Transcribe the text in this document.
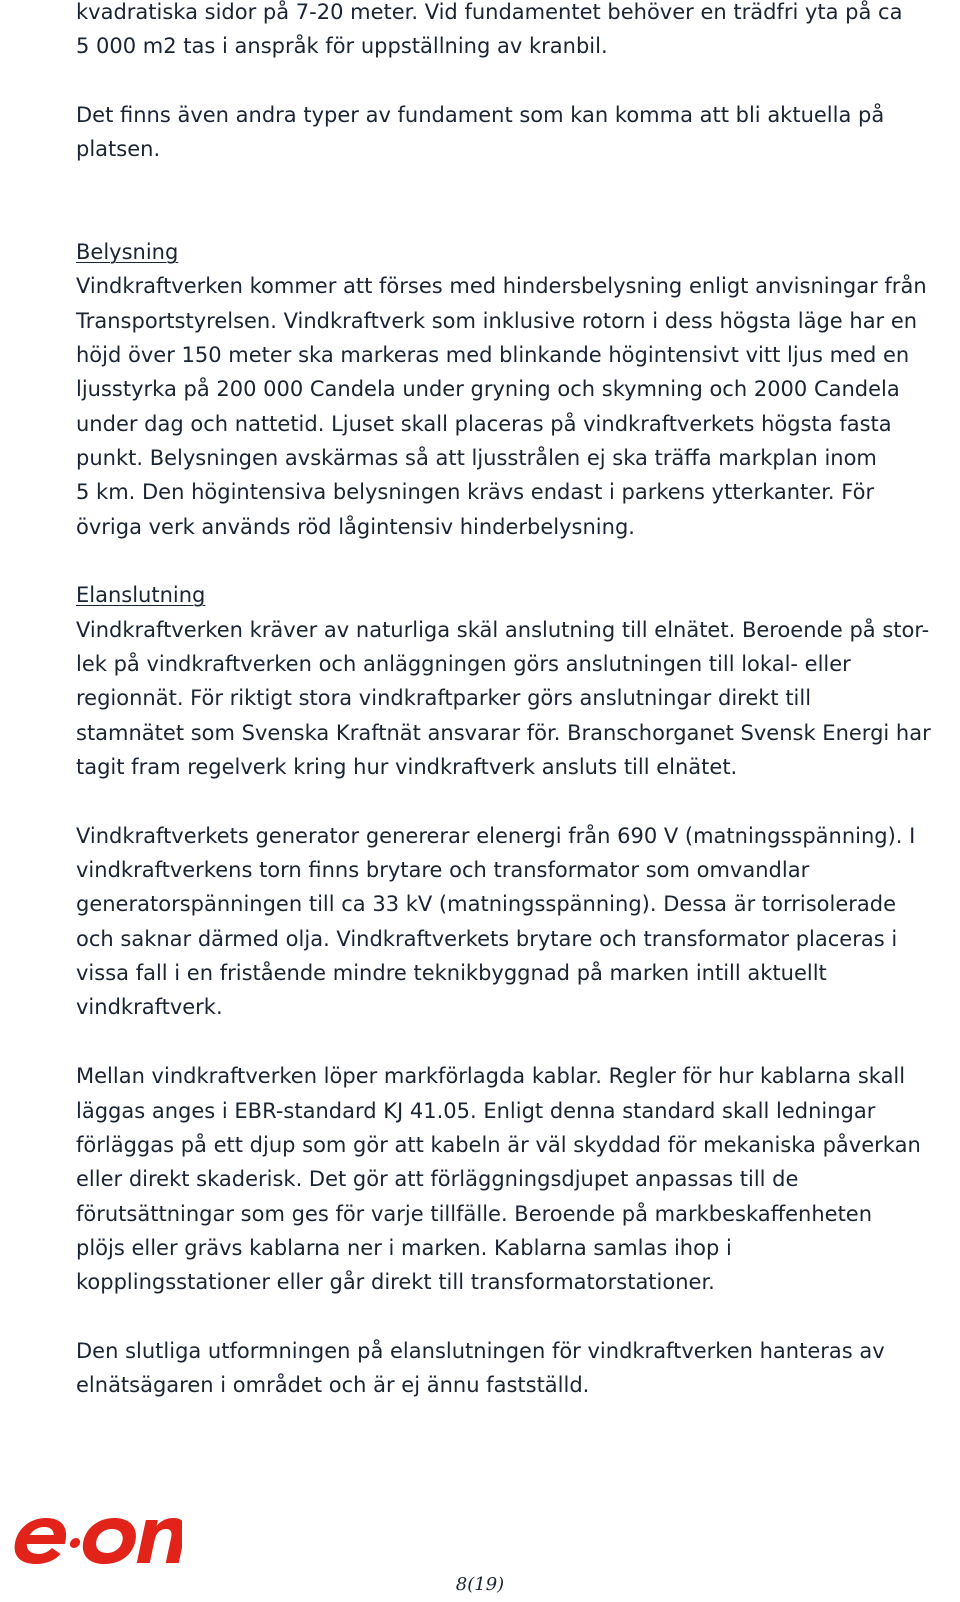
kvadratiska sidor på 7-20 meter. Vid fundamentet behöver en trädfri yta på ca
5 000 m2 tas i anspråk för uppställning av kranbil.
Det finns även andra typer av fundament som kan komma att bli aktuella på
platsen.
Belysning
Vindkraftverken kommer att förses med hindersbelysning enligt anvisningar från
Transportstyrelsen. Vindkraftverk som inklusive rotorn i dess högsta läge har en
höjd över 150 meter ska markeras med blinkande högintensivt vitt ljus med en
ljusstyrka på 200 000 Candela under gryning och skymning och 2000 Candela
under dag och nattetid. Ljuset skall placeras på vindkraftverkets högsta fasta
punkt. Belysningen avskärmas så att ljusstrålen ej ska träffa markplan inom
5 km. Den högintensiva belysningen krävs endast i parkens ytterkanter. För
övriga verk används röd lågintensiv hinderbelysning.
Elanslutning
Vindkraftverken kräver av naturliga skäl anslutning till elnätet. Beroende på stor-
lek på vindkraftverken och anläggningen görs anslutningen till lokal- eller
regionnät. För riktigt stora vindkraftparker görs anslutningar direkt till
stamnätet som Svenska Kraftnät ansvarar för. Branschorganet Svensk Energi har
tagit fram regelverk kring hur vindkraftverk ansluts till elnätet.
Vindkraftverkets generator genererar elenergi från 690 V (matningsspänning). I
vindkraftverkens torn finns brytare och transformator som omvandlar
generatorspänningen till ca 33 kV (matningsspänning). Dessa är torrisolerade
och saknar därmed olja. Vindkraftverkets brytare och transformator placeras i
vissa fall i en fristående mindre teknikbyggnad på marken intill aktuellt
vindkraftverk.
Mellan vindkraftverken löper markförlagda kablar. Regler för hur kablarna skall
läggas anges i EBR-standard KJ 41.05. Enligt denna standard skall ledningar
förläggas på ett djup som gör att kabeln är väl skyddad för mekaniska påverkan
eller direkt skaderisk. Det gör att förläggningsdjupet anpassas till de
förutsättningar som ges för varje tillfälle. Beroende på markbeskaffenheten
plöjs eller grävs kablarna ner i marken. Kablarna samlas ihop i
kopplingsstationer eller går direkt till transformatorstationer.
Den slutliga utformningen på elanslutningen för vindkraftverken hanteras av
elnätsägaren i området och är ej ännu fastställd.
8(19)
